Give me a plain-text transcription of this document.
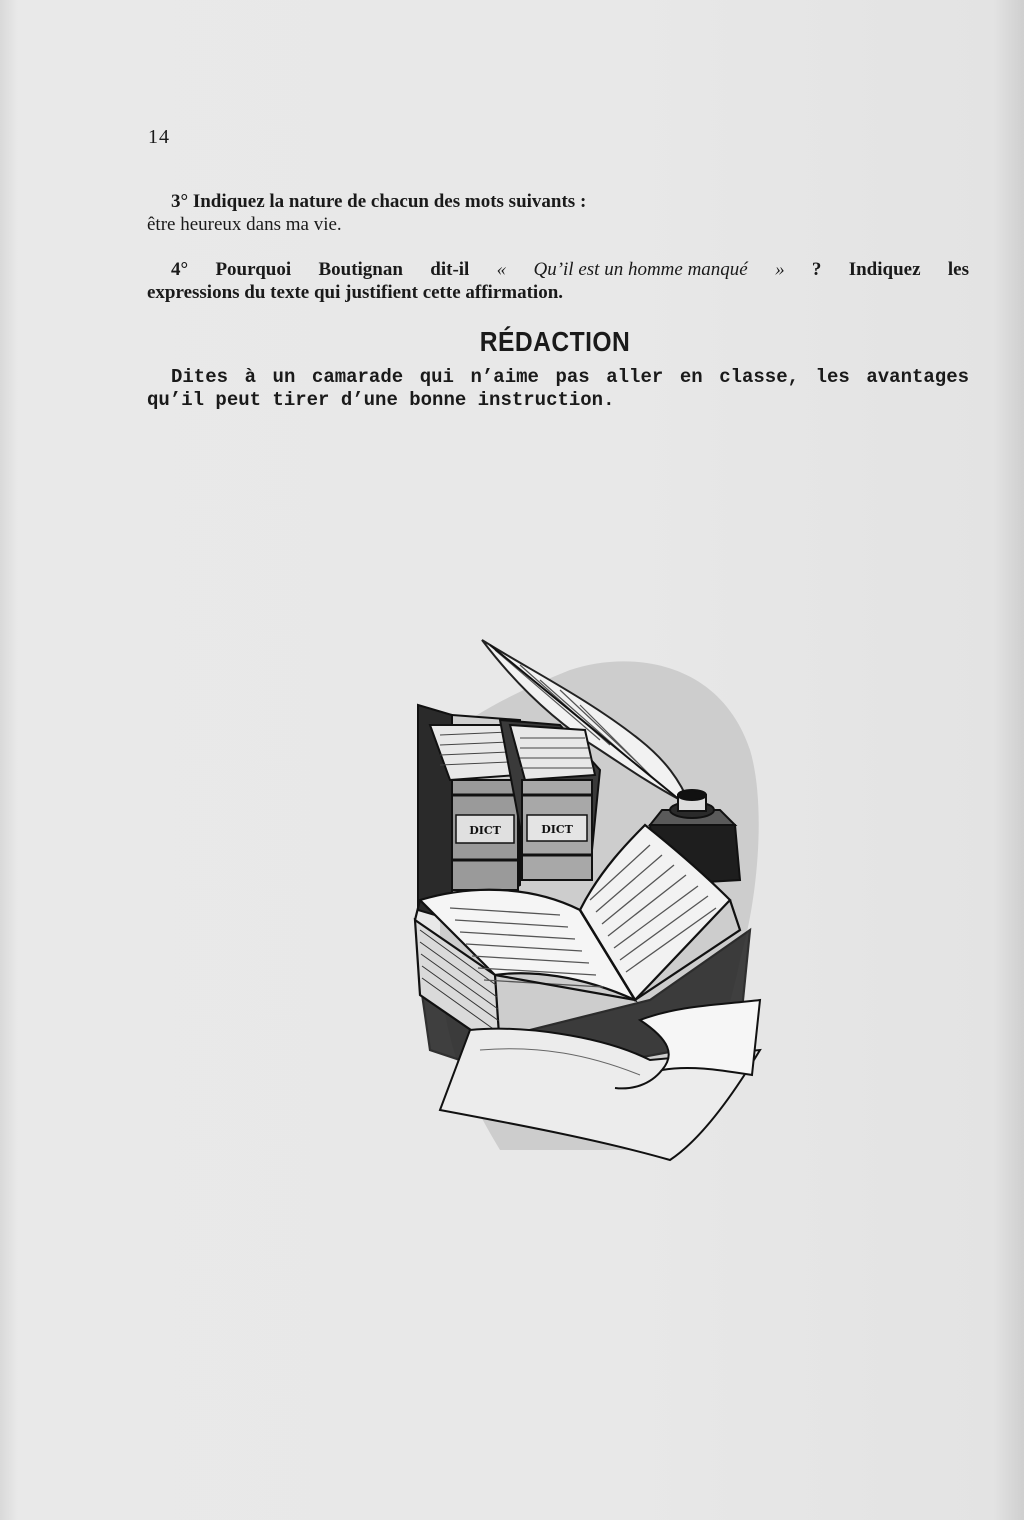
14
3° Indiquez la nature de chacun des mots suivants :
être heureux dans ma vie.
4° Pourquoi Boutignan dit-il « Qu’il est un homme manqué » ? Indiquez les
expressions du texte qui justifient cette affirmation.
RÉDACTION
Dites à un camarade qui n’aime pas aller en classe, les avantages
qu’il peut tirer d’une bonne instruction.
DICT	DICT
